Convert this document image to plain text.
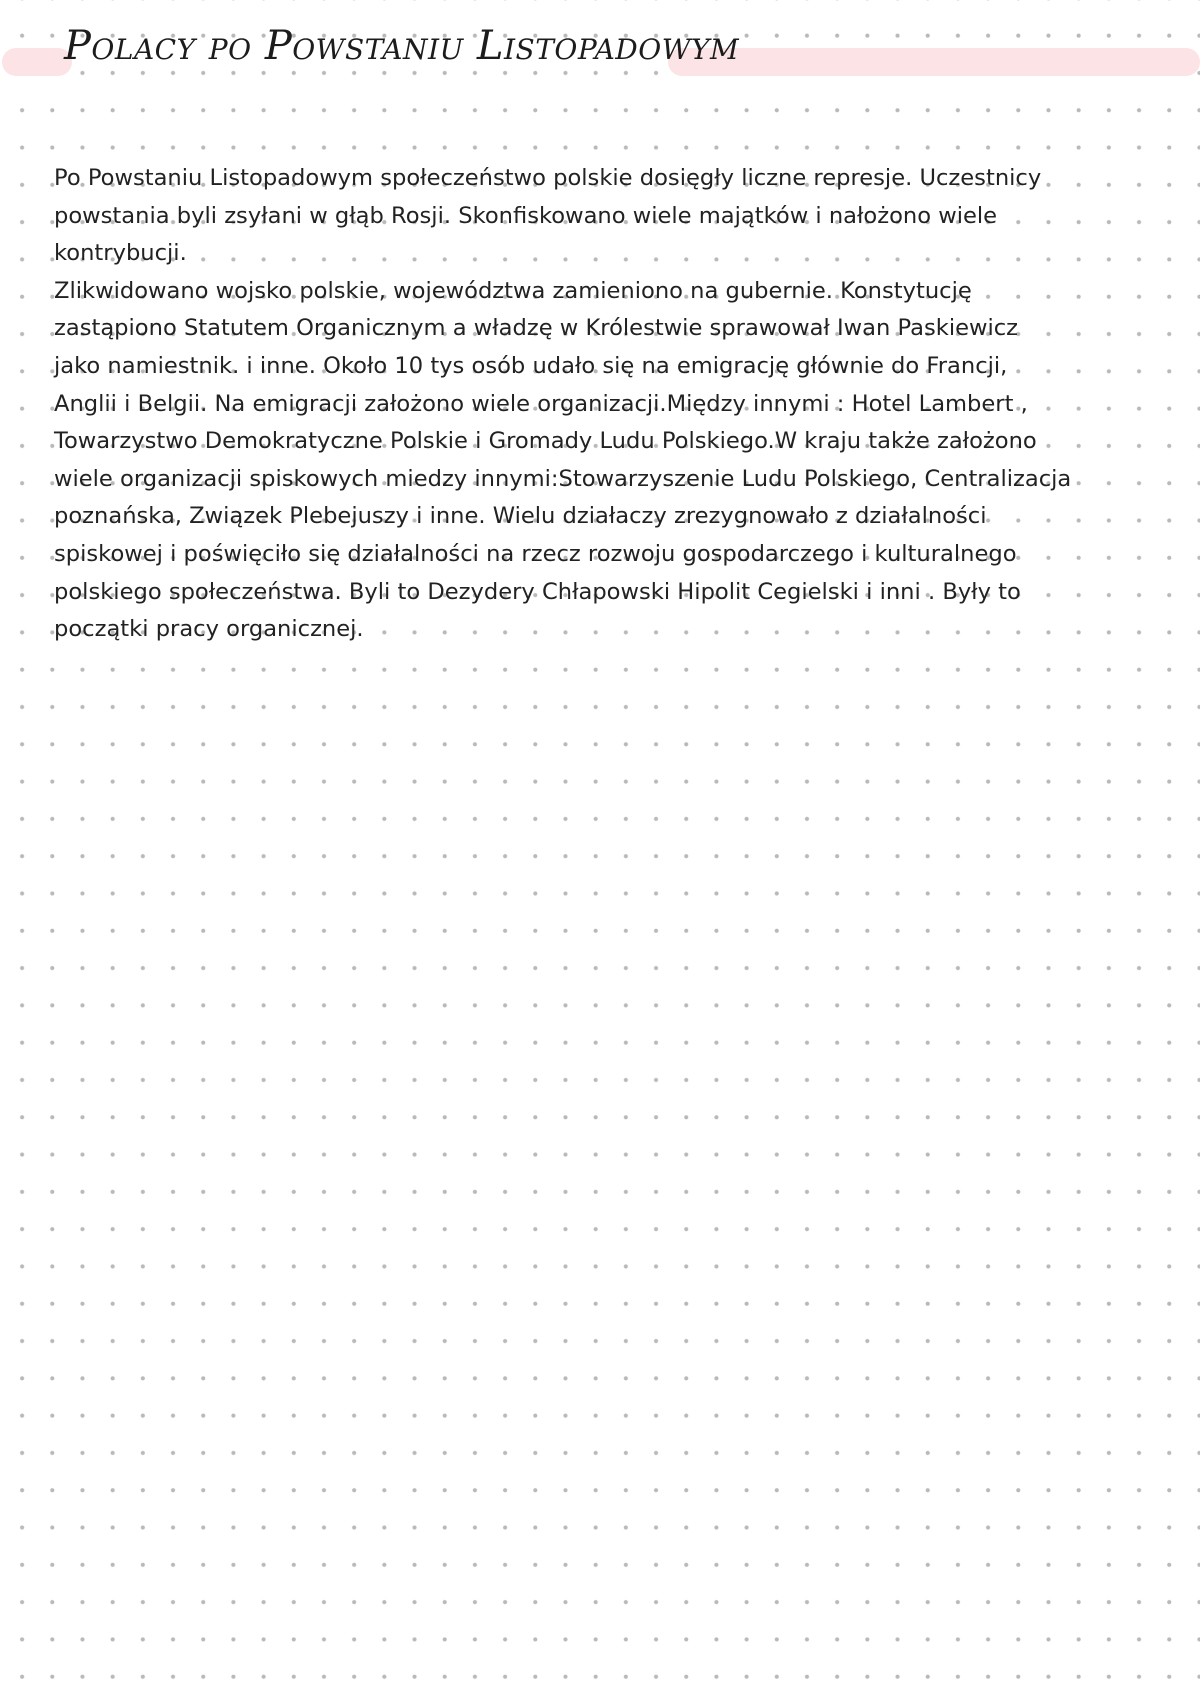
Polacy po Powstaniu Listopadowym

Po Powstaniu Listopadowym społeczeństwo polskie dosięgły liczne represje. Uczestnicy
powstania byli zsyłani w głąb Rosji. Skonfiskowano wiele majątków i nałożono wiele
kontrybucji.

Zlikwidowano wojsko polskie, województwa zamieniono na gubernie. Konstytucję
zastąpiono Statutem Organicznym a władzę w Królestwie sprawował Iwan Paskiewicz
jako namiestnik. i inne. Około 10 tys osób udało się na emigrację głównie do Francji,
Anglii i Belgii. Na emigracji założono wiele organizacji.Między innymi : Hotel Lambert ,
Towarzystwo Demokratyczne Polskie i Gromady Ludu Polskiego.W kraju także założono
wiele organizacji spiskowych miedzy innymi:Stowarzyszenie Ludu Polskiego, Centralizacja
poznańska, Związek Plebejuszy i inne. Wielu działaczy zrezygnowało z działalności
spiskowej i poświęciło się działalności na rzecz rozwoju gospodarczego i kulturalnego
polskiego społeczeństwa. Byli to Dezydery Chłapowski Hipolit Cegielski i inni . Były to
początki pracy organicznej.
